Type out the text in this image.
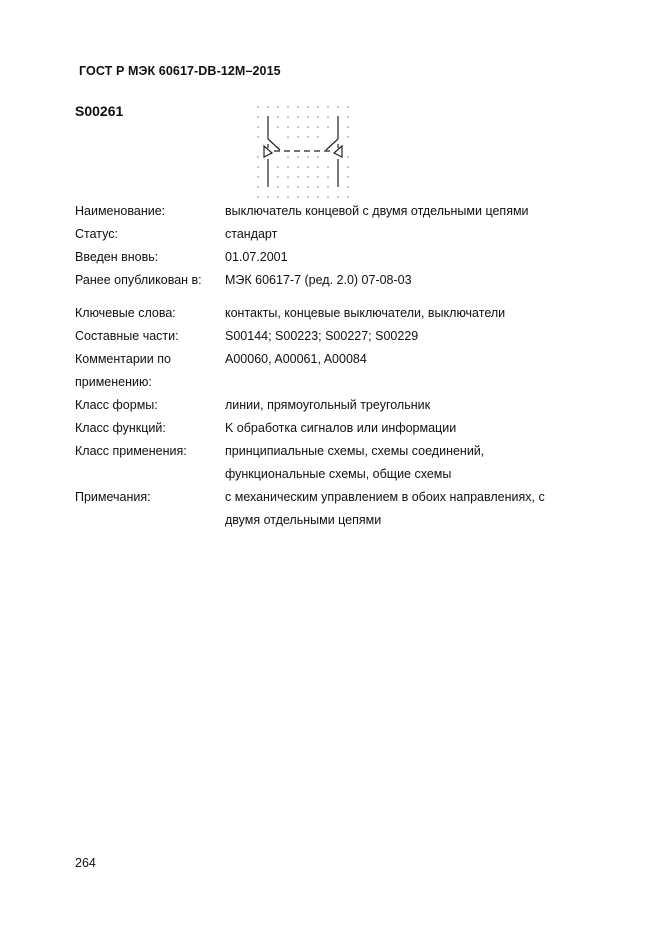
ГОСТ Р МЭК 60617-DB-12M–2015
S00261
Наименование:	выключатель концевой с двумя отдельными цепями
Статус:	стандарт
Введен вновь:	01.07.2001
Ранее опубликован в:	МЭК 60617-7 (ред. 2.0) 07-08-03
Ключевые слова:	контакты, концевые выключатели, выключатели
Составные части:	S00144; S00223; S00227; S00229
Комментарии по	A00060, A00061, A00084
применению:
Класс формы:	линии, прямоугольный треугольник
Класс функций:	K обработка сигналов или информации
Класс применения:	принципиальные схемы, схемы соединений,
функциональные схемы, общие схемы
Примечания:	с механическим управлением в обоих направлениях, с
двумя отдельными цепями
264
